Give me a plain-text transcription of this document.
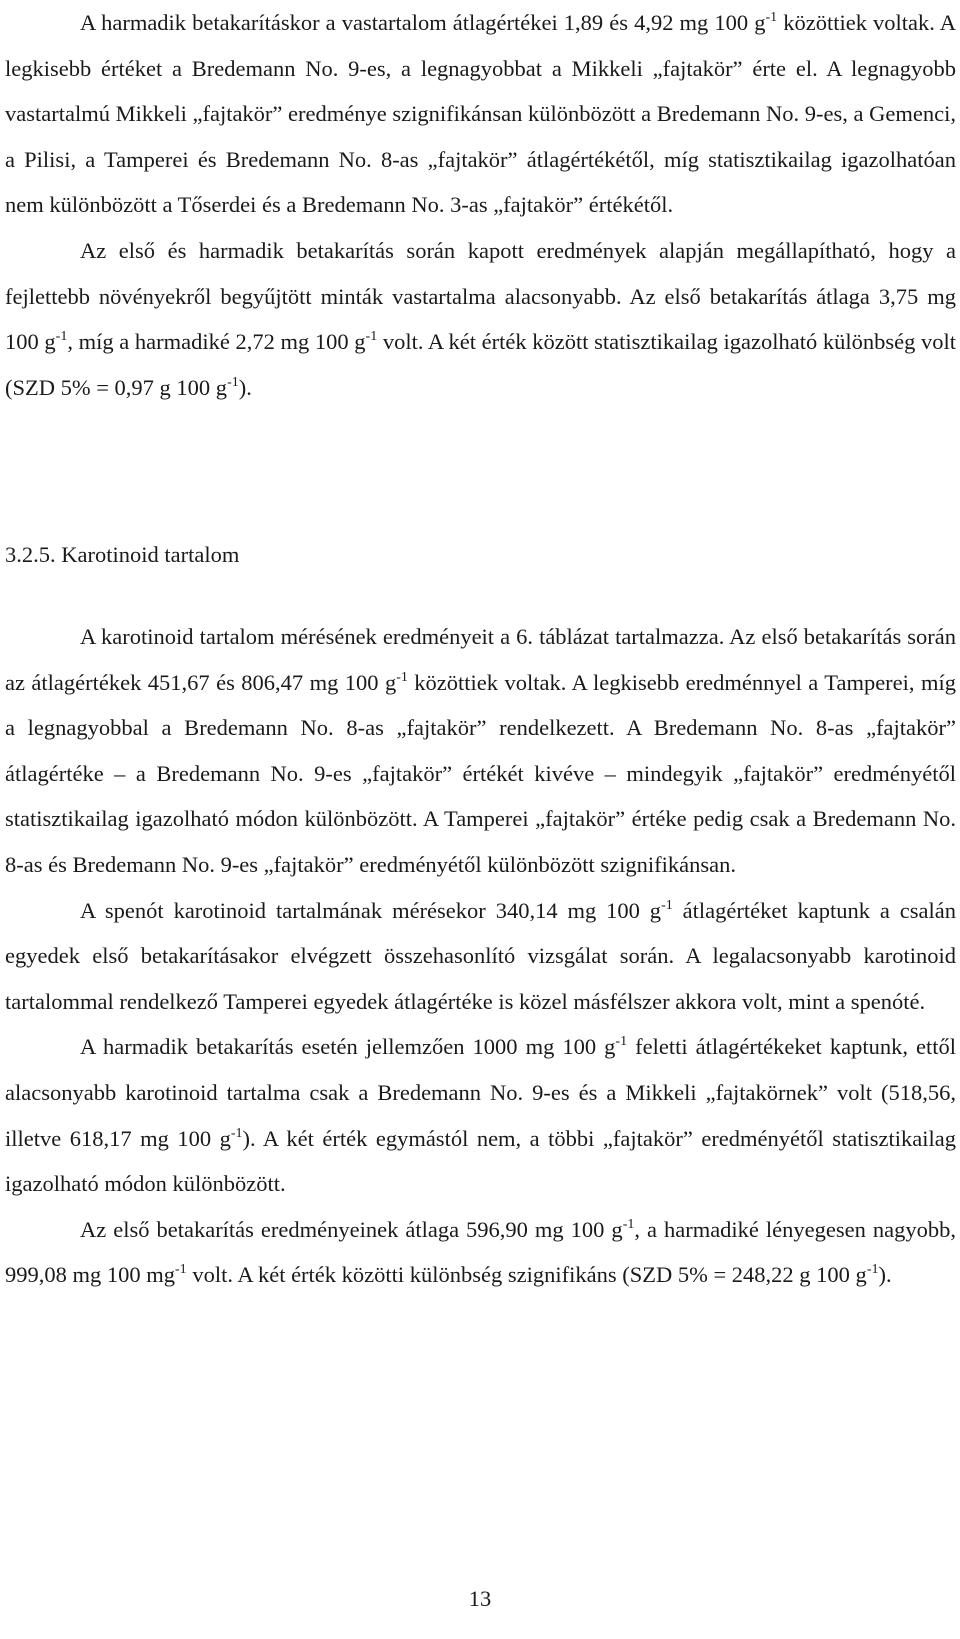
A harmadik betakarításkor a vastartalom átlagértékei 1,89 és 4,92 mg 100 $g^{-1}$ közöttiek voltak. A legkisebb értéket a Bredemann No. 9-es, a legnagyobbat a Mikkeli „fajtakör” érte el. A legnagyobb vastartalmú Mikkeli „fajtakör” eredménye szignifikánsan különbözött a Bredemann No. 9-es, a Gemenci, a Pilisi, a Tamperei és Bredemann No. 8-as „fajtakör” átlagértékétől, míg statisztikailag igazolhatóan nem különbözött a Tőserdei és a Bredemann No. 3-as „fajtakör” értékétől.

Az első és harmadik betakarítás során kapott eredmények alapján megállapítható, hogy a fejlettebb növényekről begyűjtött minták vastartalma alacsonyabb. Az első betakarítás átlaga 3,75 mg 100 $g^{-1}$, míg a harmadiké 2,72 mg 100 $g^{-1}$ volt. A két érték között statisztikailag igazolható különbség volt (SZD 5% = 0,97 g 100 $g^{-1}$).

3.2.5. Karotinoid tartalom

A karotinoid tartalom mérésének eredményeit a 6. táblázat tartalmazza. Az első betakarítás során az átlagértékek 451,67 és 806,47 mg 100 $g^{-1}$ közöttiek voltak. A legkisebb eredménnyel a Tamperei, míg a legnagyobbal a Bredemann No. 8-as „fajtakör” rendelkezett. A Bredemann No. 8-as „fajtakör” átlagértéke – a Bredemann No. 9-es „fajtakör” értékét kivéve – mindegyik „fajtakör” eredményétől statisztikailag igazolható módon különbözött. A Tamperei „fajtakör” értéke pedig csak a Bredemann No. 8-as és Bredemann No. 9-es „fajtakör” eredményétől különbözött szignifikánsan.

A spenót karotinoid tartalmának mérésekor 340,14 mg 100 $g^{-1}$ átlagértéket kaptunk a csalán egyedek első betakarításakor elvégzett összehasonlító vizsgálat során. A legalacsonyabb karotinoid tartalommal rendelkező Tamperei egyedek átlagértéke is közel másfélszer akkora volt, mint a spenóté.

A harmadik betakarítás esetén jellemzően 1000 mg 100 $g^{-1}$ feletti átlagértékeket kaptunk, ettől alacsonyabb karotinoid tartalma csak a Bredemann No. 9-es és a Mikkeli „fajtakörnek” volt (518,56, illetve 618,17 mg 100 $g^{-1}$). A két érték egymástól nem, a többi „fajtakör” eredményétől statisztikailag igazolható módon különbözött.

Az első betakarítás eredményeinek átlaga 596,90 mg 100 $g^{-1}$, a harmadiké lényegesen nagyobb, 999,08 mg 100 $mg^{-1}$ volt. A két érték közötti különbség szignifikáns (SZD 5% = 248,22 g 100 $g^{-1}$).

13
